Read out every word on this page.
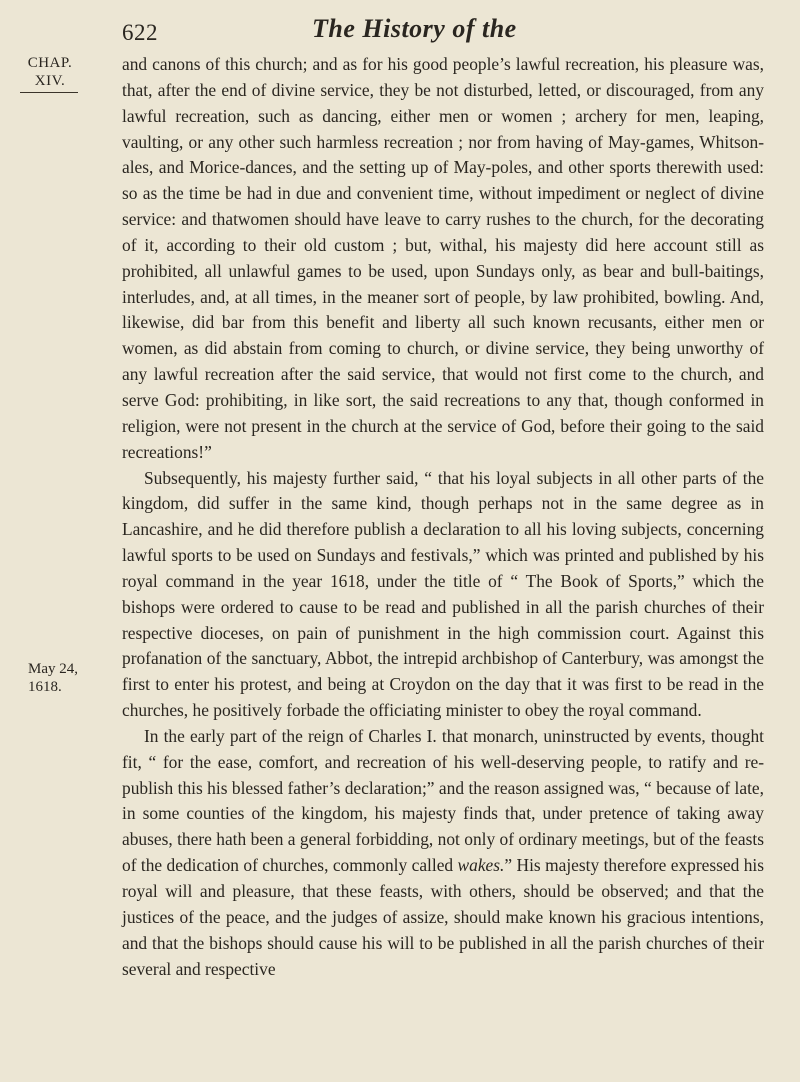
622	The History of the
CHAP.
XIV.
May 24,
1618.

and canons of this church; and as for his good people’s lawful recreation, his pleasure was, that, after the end of divine service, they be not disturbed, letted, or discouraged, from any lawful recreation, such as dancing, either men or women ; archery for men, leaping, vaulting, or any other such harmless recreation ; nor from having of May-games, Whitson-ales, and Morice-dances, and the setting up of May-poles, and other sports therewith used: so as the time be had in due and convenient time, without impediment or neglect of divine service: and thatwomen should have leave to carry rushes to the church, for the decorating of it, according to their old custom ; but, withal, his majesty did here account still as prohibited, all unlawful games to be used, upon Sundays only, as bear and bull-baitings, interludes, and, at all times, in the meaner sort of people, by law prohibited, bowling. And, likewise, did bar from this benefit and liberty all such known recusants, either men or women, as did abstain from coming to church, or divine service, they being unworthy of any lawful recreation after the said service, that would not first come to the church, and serve God: prohibiting, in like sort, the said recreations to any that, though conformed in religion, were not present in the church at the service of God, before their going to the said recreations!”

Subsequently, his majesty further said, “ that his loyal subjects in all other parts of the kingdom, did suffer in the same kind, though perhaps not in the same degree as in Lancashire, and he did therefore publish a declaration to all his loving subjects, concerning lawful sports to be used on Sundays and festivals,” which was printed and published by his royal command in the year 1618, under the title of “ The Book of Sports,” which the bishops were ordered to cause to be read and published in all the parish churches of their respective dioceses, on pain of punishment in the high commission court. Against this profanation of the sanctuary, Abbot, the intrepid archbishop of Canterbury, was amongst the first to enter his protest, and being at Croydon on the day that it was first to be read in the churches, he positively forbade the officiating minister to obey the royal command.

In the early part of the reign of Charles I. that monarch, uninstructed by events, thought fit, “ for the ease, comfort, and recreation of his well-deserving people, to ratify and re-publish this his blessed father’s declaration;” and the reason assigned was, “ because of late, in some counties of the kingdom, his majesty finds that, under pretence of taking away abuses, there hath been a general forbidding, not only of ordinary meetings, but of the feasts of the dedication of churches, commonly called wakes.” His majesty therefore expressed his royal will and pleasure, that these feasts, with others, should be observed; and that the justices of the peace, and the judges of assize, should make known his gracious intentions, and that the bishops should cause his will to be published in all the parish churches of their several and respective
